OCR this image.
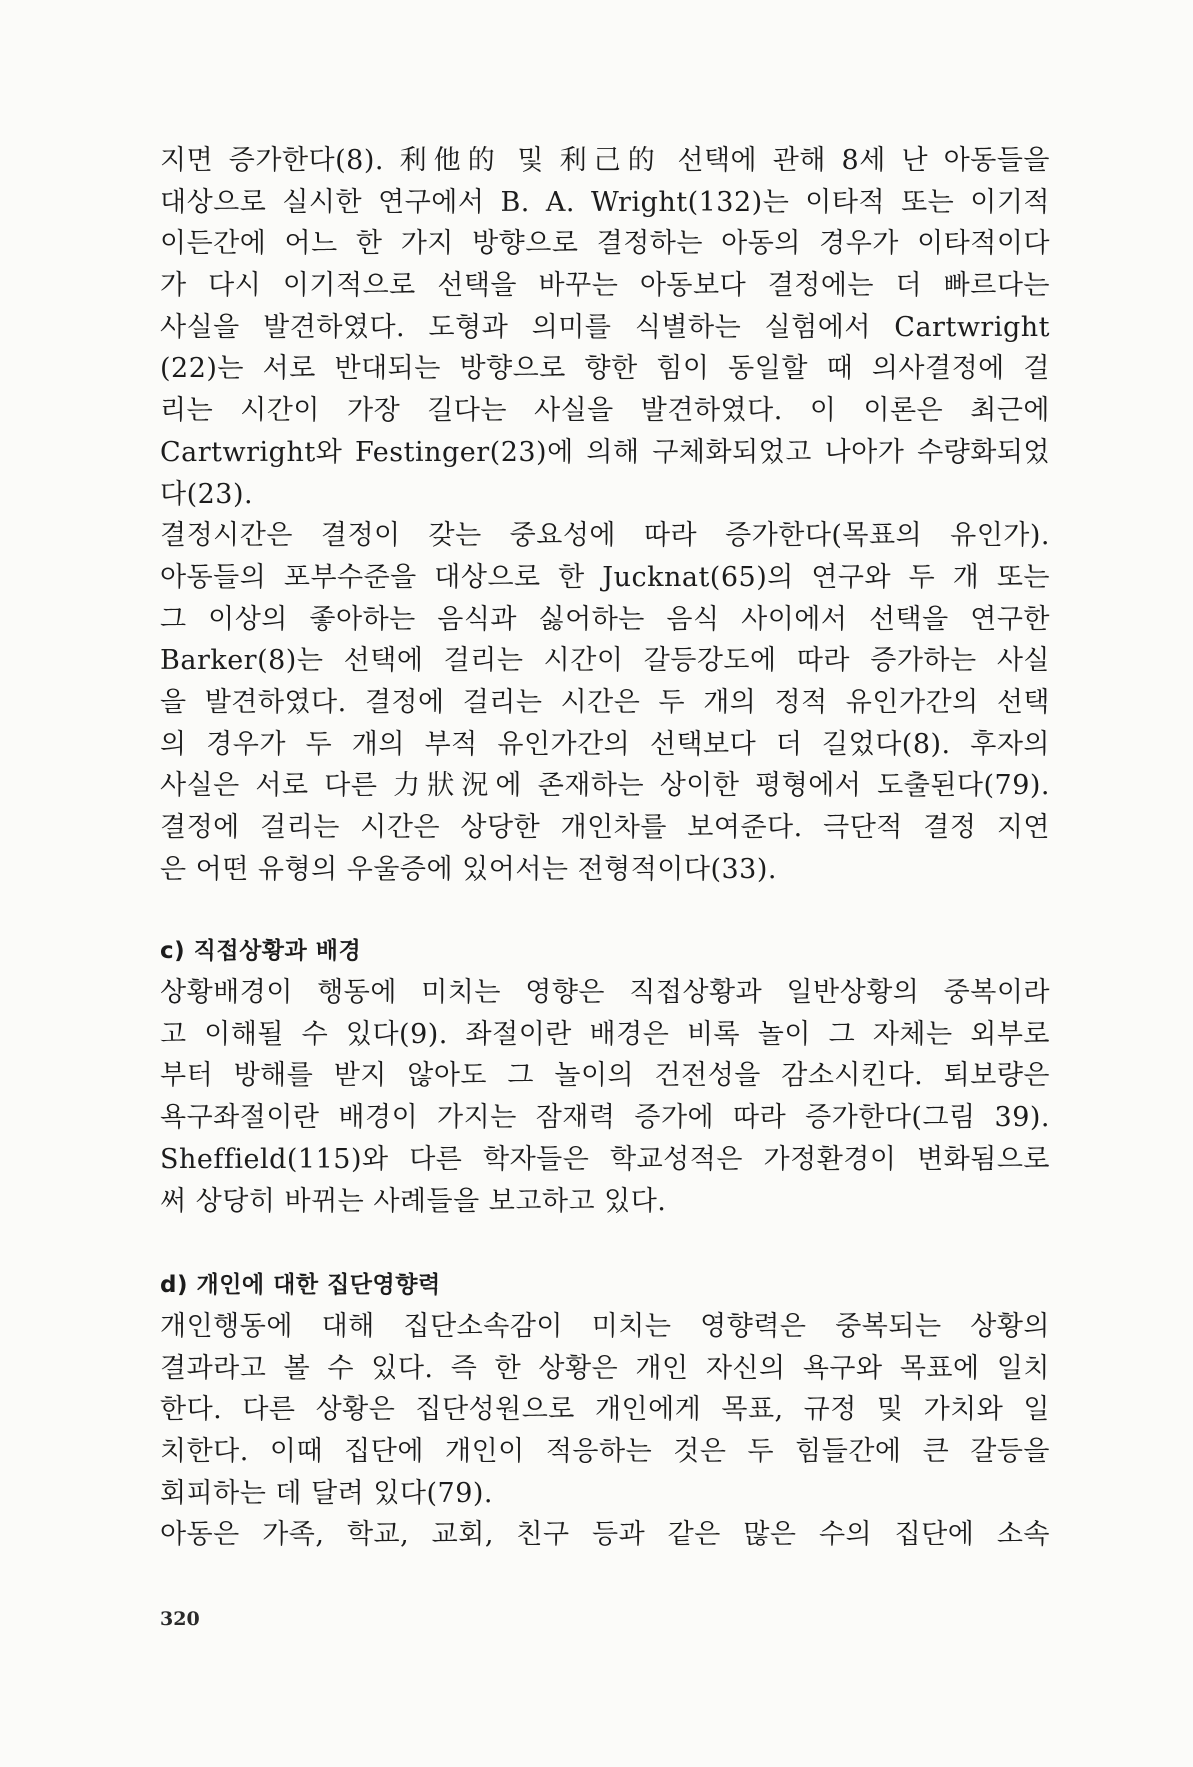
지면 증가한다(8). 利他的 및 利己的 선택에 관해 8세 난 아동들을
대상으로 실시한 연구에서 B. A. Wright(132)는 이타적 또는 이기적
이든간에 어느 한 가지 방향으로 결정하는 아동의 경우가 이타적이다
가 다시 이기적으로 선택을 바꾸는 아동보다 결정에는 더 빠르다는
사실을 발견하였다. 도형과 의미를 식별하는 실험에서 Cartwright
(22)는 서로 반대되는 방향으로 향한 힘이 동일할 때 의사결정에 걸
리는 시간이 가장 길다는 사실을 발견하였다. 이 이론은 최근에
Cartwright와 Festinger(23)에 의해 구체화되었고 나아가 수량화되었
다(23).
결정시간은 결정이 갖는 중요성에 따라 증가한다(목표의 유인가).
아동들의 포부수준을 대상으로 한 Jucknat(65)의 연구와 두 개 또는
그 이상의 좋아하는 음식과 싫어하는 음식 사이에서 선택을 연구한
Barker(8)는 선택에 걸리는 시간이 갈등강도에 따라 증가하는 사실
을 발견하였다. 결정에 걸리는 시간은 두 개의 정적 유인가간의 선택
의 경우가 두 개의 부적 유인가간의 선택보다 더 길었다(8). 후자의
사실은 서로 다른 力狀況에 존재하는 상이한 평형에서 도출된다(79).
결정에 걸리는 시간은 상당한 개인차를 보여준다. 극단적 결정 지연
은 어떤 유형의 우울증에 있어서는 전형적이다(33).
c) 직접상황과 배경
상황배경이 행동에 미치는 영향은 직접상황과 일반상황의 중복이라
고 이해될 수 있다(9). 좌절이란 배경은 비록 놀이 그 자체는 외부로
부터 방해를 받지 않아도 그 놀이의 건전성을 감소시킨다. 퇴보량은
욕구좌절이란 배경이 가지는 잠재력 증가에 따라 증가한다(그림 39).
Sheffield(115)와 다른 학자들은 학교성적은 가정환경이 변화됨으로
써 상당히 바뀌는 사례들을 보고하고 있다.
d) 개인에 대한 집단영향력
개인행동에 대해 집단소속감이 미치는 영향력은 중복되는 상황의
결과라고 볼 수 있다. 즉 한 상황은 개인 자신의 욕구와 목표에 일치
한다. 다른 상황은 집단성원으로 개인에게 목표, 규정 및 가치와 일
치한다. 이때 집단에 개인이 적응하는 것은 두 힘들간에 큰 갈등을
회피하는 데 달려 있다(79).
아동은 가족, 학교, 교회, 친구 등과 같은 많은 수의 집단에 소속
320
